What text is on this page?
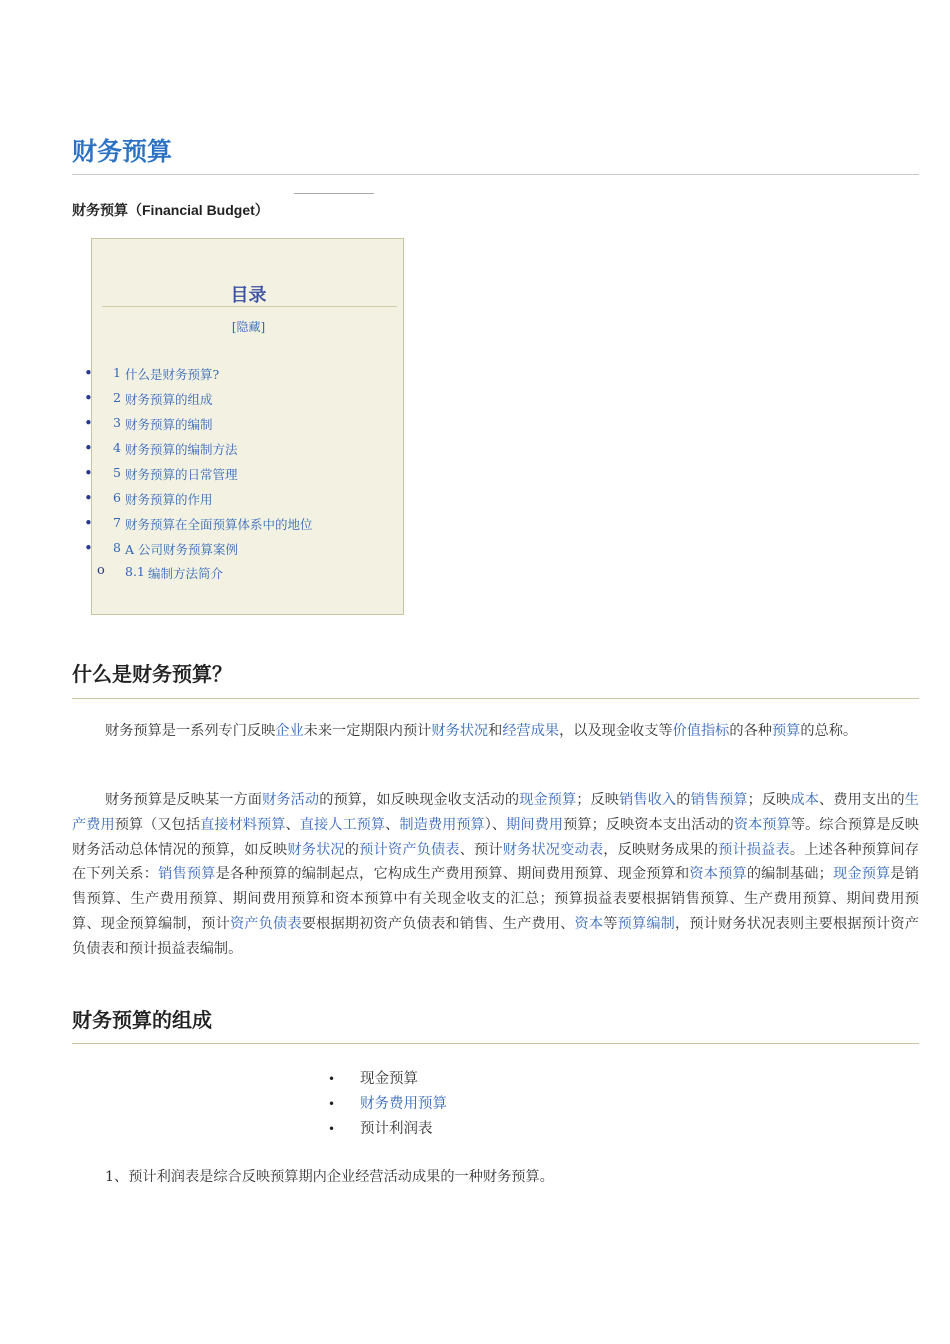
财务预算
财务预算（Financial Budget）
目录
[隐藏]
• 1 什么是财务预算?
• 2 财务预算的组成
• 3 财务预算的编制
• 4 财务预算的编制方法
• 5 财务预算的日常管理
• 6 财务预算的作用
• 7 财务预算在全面预算体系中的地位
• 8 A 公司财务预算案例
o 8.1 编制方法简介
什么是财务预算？

财务预算是一系列专门反映企业未来一定期限内预计财务状况和经营成果，以及现金收支等价值指标的各种预算的总称。

财务预算是反映某一方面财务活动的预算，如反映现金收支活动的现金预算；反映销售收入的销售预算；反映成本、费用支出的生产费用预算（又包括直接材料预算、直接人工预算、制造费用预算）、期间费用预算；反映资本支出活动的资本预算等。综合预算是反映财务活动总体情况的预算，如反映财务状况的预计资产负债表、预计财务状况变动表，反映财务成果的预计损益表。上述各种预算间存在下列关系：销售预算是各种预算的编制起点，它构成生产费用预算、期间费用预算、现金预算和资本预算的编制基础；现金预算是销售预算、生产费用预算、期间费用预算和资本预算中有关现金收支的汇总；预算损益表要根据销售预算、生产费用预算、期间费用预算、现金预算编制，预计资产负债表要根据期初资产负债表和销售、生产费用、资本等预算编制，预计财务状况表则主要根据预计资产负债表和预计损益表编制。

财务预算的组成
• 现金预算
• 财务费用预算
• 预计利润表

1、预计利润表是综合反映预算期内企业经营活动成果的一种财务预算。
